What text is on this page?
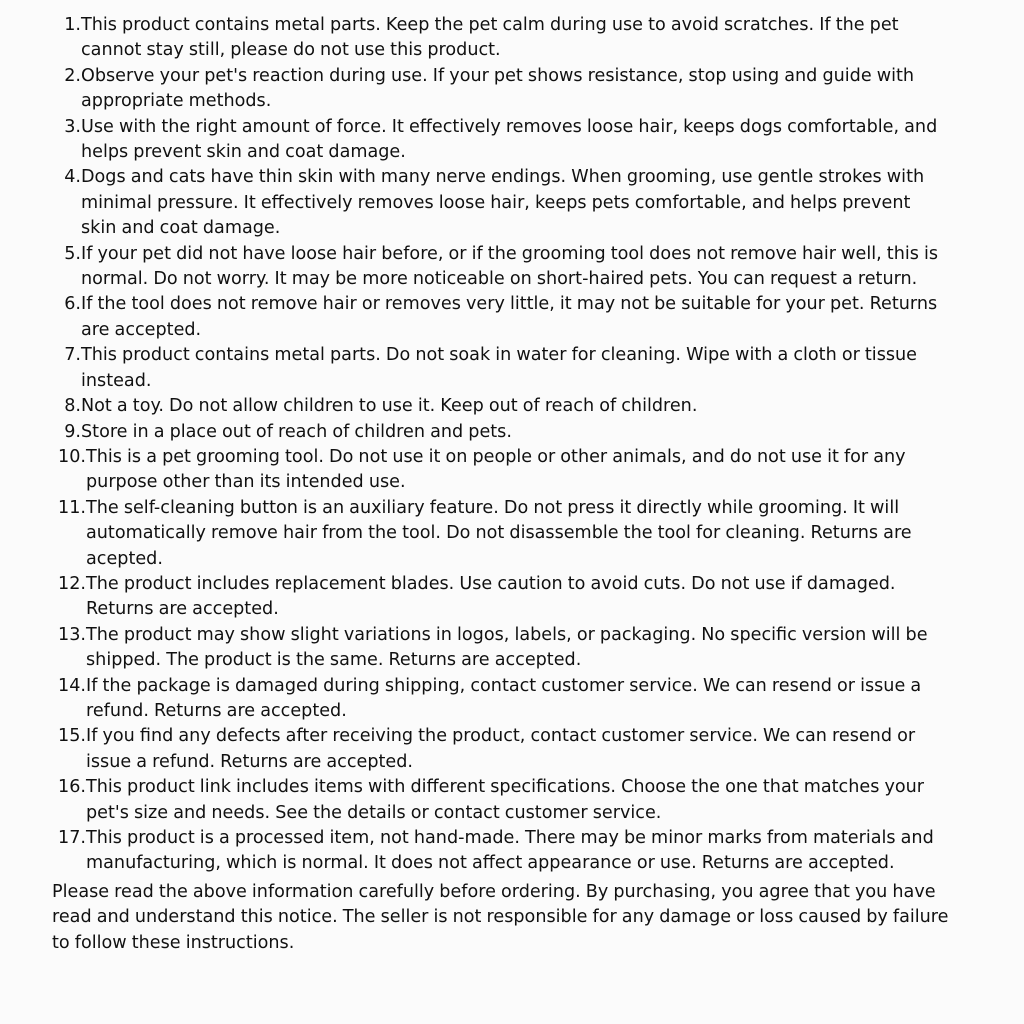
1. This product contains metal parts. Keep the pet calm during use to avoid scratches. If the pet cannot stay still, please do not use this product.
2. Observe your pet's reaction during use. If your pet shows resistance, stop using and guide with appropriate methods.
3. Use with the right amount of force. It effectively removes loose hair, keeps dogs comfortable, and helps prevent skin and coat damage.
4. Dogs and cats have thin skin with many nerve endings. When grooming, use gentle strokes with minimal pressure. It effectively removes loose hair, keeps pets comfortable, and helps prevent skin and coat damage.
5. If your pet did not have loose hair before, or if the grooming tool does not remove hair well, this is normal. Do not worry. It may be more noticeable on short-haired pets. You can request a return.
6. If the tool does not remove hair or removes very little, it may not be suitable for your pet. Returns are accepted.
7. This product contains metal parts. Do not soak in water for cleaning. Wipe with a cloth or tissue instead.
8. Not a toy. Do not allow children to use it. Keep out of reach of children.
9. Store in a place out of reach of children and pets.
10. This is a pet grooming tool. Do not use it on people or other animals, and do not use it for any purpose other than its intended use.
11. The self-cleaning button is an auxiliary feature. Do not press it directly while grooming. It will automatically remove hair from the tool. Do not disassemble the tool for cleaning. Returns are acepted.
12. The product includes replacement blades. Use caution to avoid cuts. Do not use if damaged. Returns are accepted.
13. The product may show slight variations in logos, labels, or packaging. No specific version will be shipped. The product is the same. Returns are accepted.
14. If the package is damaged during shipping, contact customer service. We can resend or issue a refund. Returns are accepted.
15. If you find any defects after receiving the product, contact customer service. We can resend or issue a refund. Returns are accepted.
16. This product link includes items with different specifications. Choose the one that matches your pet's size and needs. See the details or contact customer service.
17. This product is a processed item, not hand-made. There may be minor marks from materials and manufacturing, which is normal. It does not affect appearance or use. Returns are accepted.

Please read the above information carefully before ordering. By purchasing, you agree that you have read and understand this notice. The seller is not responsible for any damage or loss caused by failure to follow these instructions.
